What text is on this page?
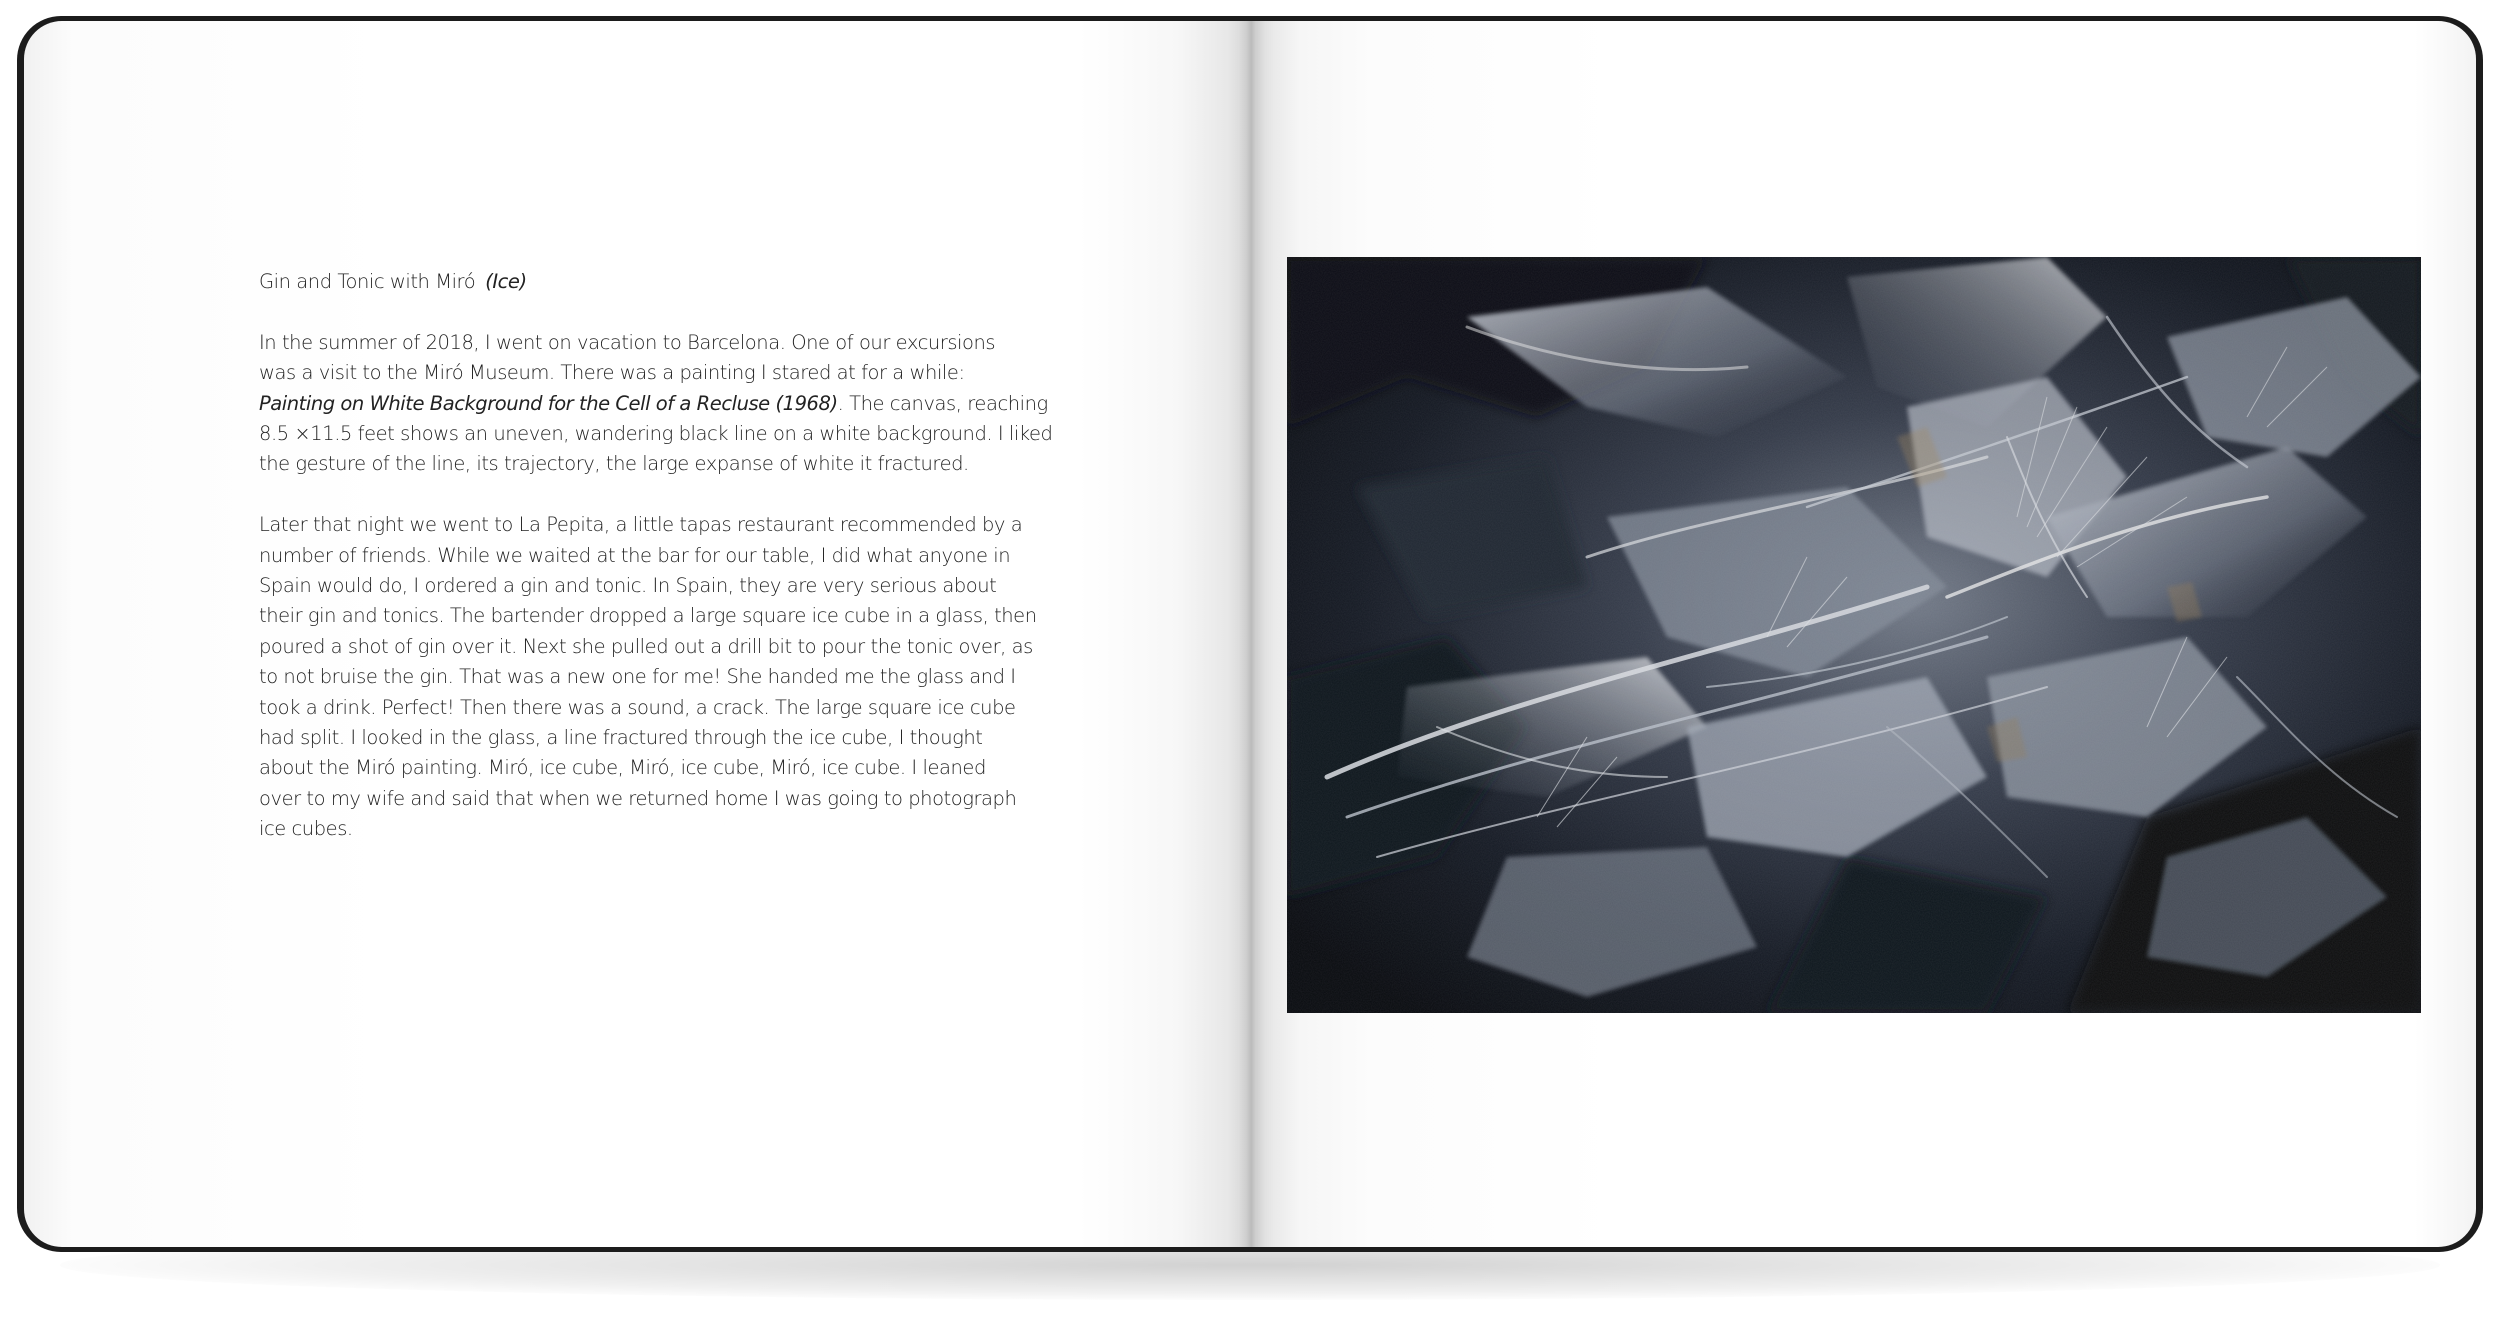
Gin and Tonic with Miró (Ice)

In the summer of 2018, I went on vacation to Barcelona. One of our excursions
was a visit to the Miró Museum. There was a painting I stared at for a while:
Painting on White Background for the Cell of a Recluse (1968). The canvas, reaching
8.5 ×11.5 feet shows an uneven, wandering black line on a white background. I liked
the gesture of the line, its trajectory, the large expanse of white it fractured.

Later that night we went to La Pepita, a little tapas restaurant recommended by a
number of friends. While we waited at the bar for our table, I did what anyone in
Spain would do, I ordered a gin and tonic. In Spain, they are very serious about
their gin and tonics. The bartender dropped a large square ice cube in a glass, then
poured a shot of gin over it. Next she pulled out a drill bit to pour the tonic over, as
to not bruise the gin. That was a new one for me! She handed me the glass and I
took a drink. Perfect! Then there was a sound, a crack. The large square ice cube
had split. I looked in the glass, a line fractured through the ice cube, I thought
about the Miró painting. Miró, ice cube, Miró, ice cube, Miró, ice cube. I leaned
over to my wife and said that when we returned home I was going to photograph
ice cubes.
